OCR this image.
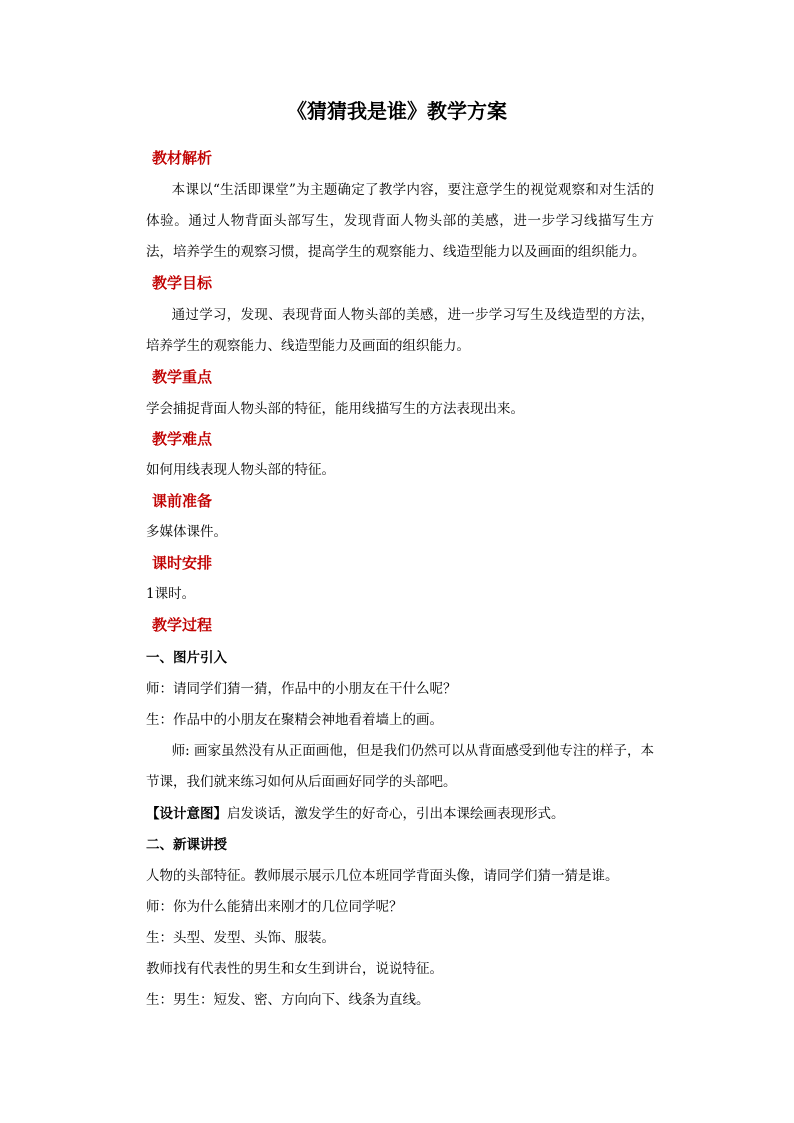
《猜猜我是谁》教学方案
教材解析
本课以“生活即课堂”为主题确定了教学内容，要注意学生的视觉观察和对生活的体验。通过人物背面头部写生，发现背面人物头部的美感，进一步学习线描写生方法，培养学生的观察习惯，提高学生的观察能力、线造型能力以及画面的组织能力。
教学目标
通过学习，发现、表现背面人物头部的美感，进一步学习写生及线造型的方法，培养学生的观察能力、线造型能力及画面的组织能力。
教学重点
学会捕捉背面人物头部的特征，能用线描写生的方法表现出来。
教学难点
如何用线表现人物头部的特征。
课前准备
多媒体课件。
课时安排
1课时。
教学过程
一、图片引入
师：请同学们猜一猜，作品中的小朋友在干什么呢？
生：作品中的小朋友在聚精会神地看着墙上的画。
师: 画家虽然没有从正面画他，但是我们仍然可以从背面感受到他专注的样子，本节课，我们就来练习如何从后面画好同学的头部吧。
【设计意图】启发谈话，激发学生的好奇心，引出本课绘画表现形式。
二、新课讲授
人物的头部特征。教师展示展示几位本班同学背面头像，请同学们猜一猜是谁。
师：你为什么能猜出来刚才的几位同学呢？
生：头型、发型、头饰、服装。
教师找有代表性的男生和女生到讲台，说说特征。
生：男生：短发、密、方向向下、线条为直线。
